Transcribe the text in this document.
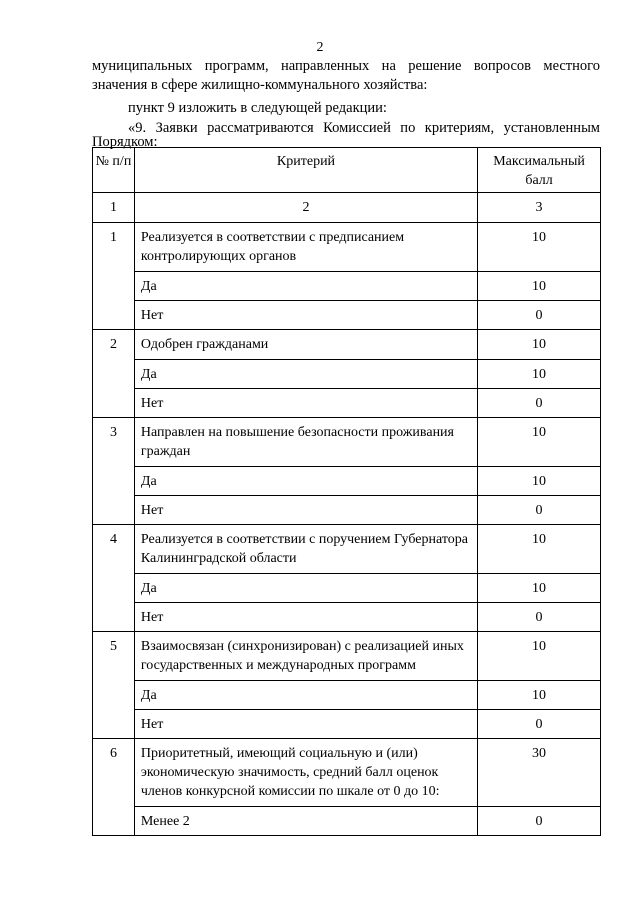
2

муниципальных программ, направленных на решение вопросов местного

значения в сфере жилищно-коммунального хозяйства:

пункт 9 изложить в следующей редакции:

«9. Заявки рассматриваются Комиссией по критериям, установленным

Порядком:

№ п/п	Критерий	Максимальный балл
1	2	3
1	Реализуется в соответствии с предписанием контролирующих органов	10
	Да	10
	Нет	0
2	Одобрен гражданами	10
	Да	10
	Нет	0
3	Направлен на повышение безопасности проживания граждан	10
	Да	10
	Нет	0
4	Реализуется в соответствии с поручением Губернатора Калининградской области	10
	Да	10
	Нет	0
5	Взаимосвязан (синхронизирован) с реализацией иных государственных и международных программ	10
	Да	10
	Нет	0
6	Приоритетный, имеющий социальную и (или) экономическую значимость, средний балл оценок членов конкурсной комиссии по шкале от 0 до 10:	30
	Менее 2	0
